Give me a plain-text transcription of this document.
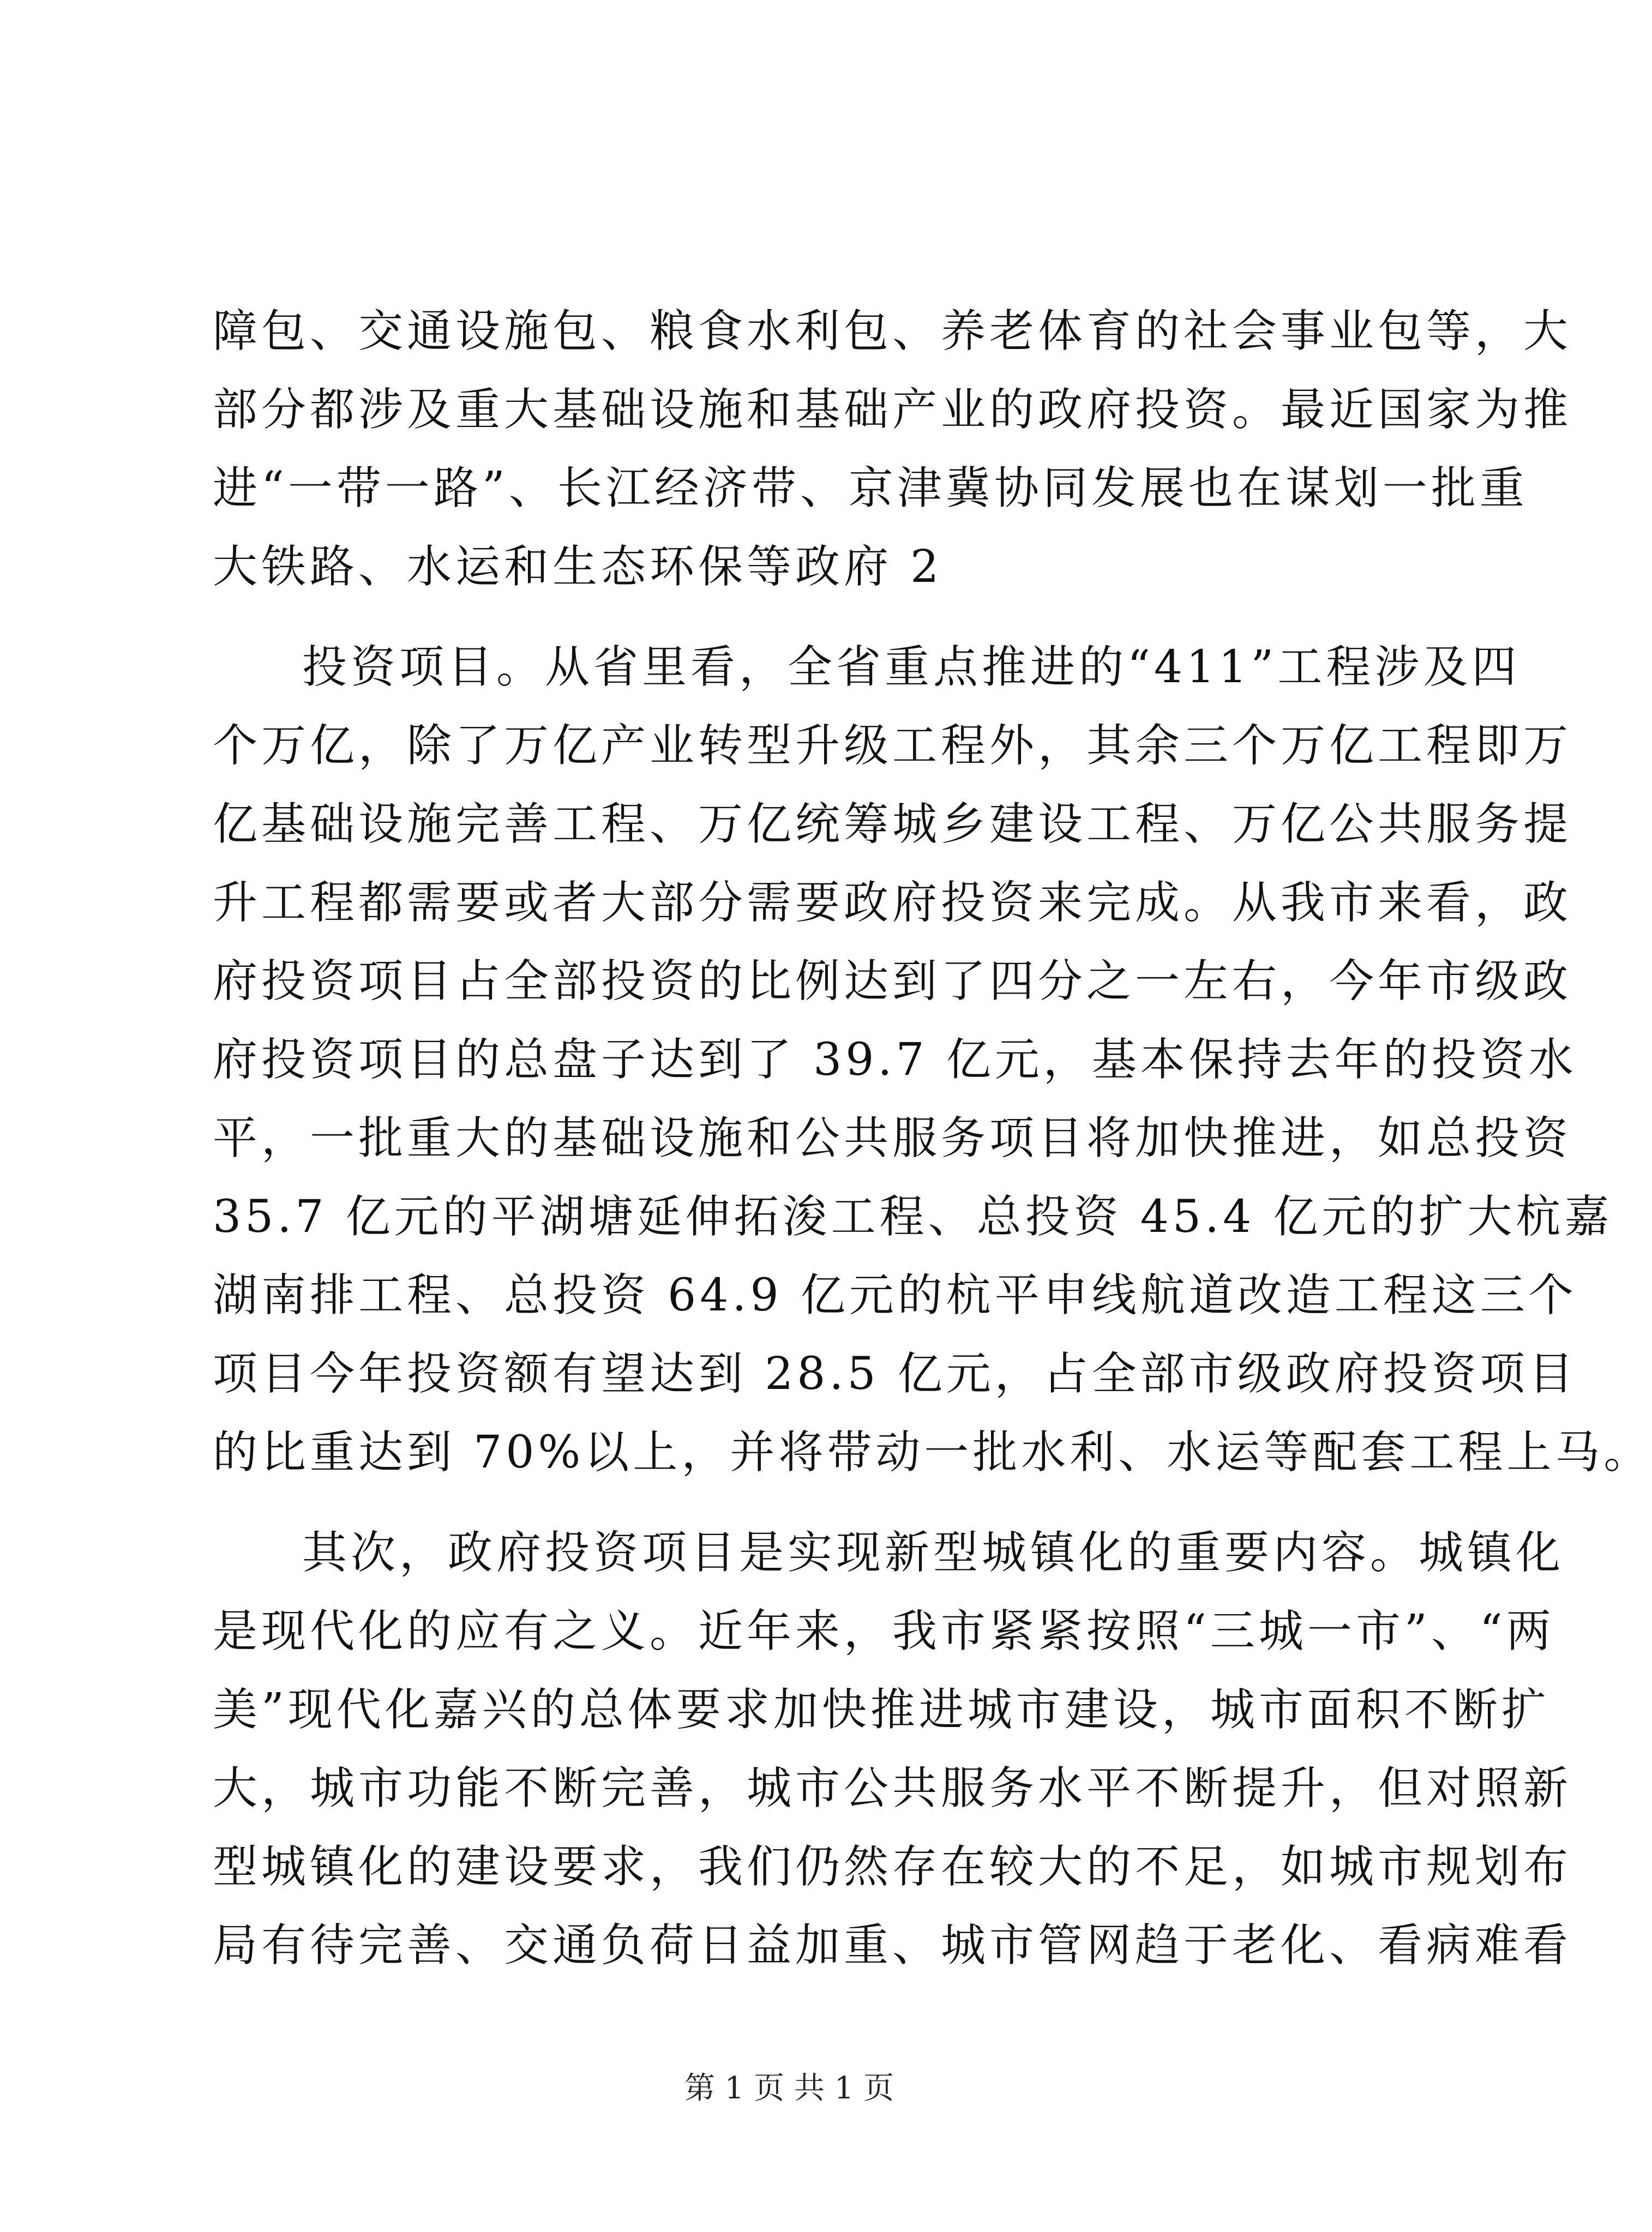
障包、交通设施包、粮食水利包、养老体育的社会事业包等，大
部分都涉及重大基础设施和基础产业的政府投资。最近国家为推
进“一带一路”、长江经济带、京津冀协同发展也在谋划一批重
大铁路、水运和生态环保等政府 2
投资项目。从省里看，全省重点推进的“411”工程涉及四
个万亿，除了万亿产业转型升级工程外，其余三个万亿工程即万
亿基础设施完善工程、万亿统筹城乡建设工程、万亿公共服务提
升工程都需要或者大部分需要政府投资来完成。从我市来看，政
府投资项目占全部投资的比例达到了四分之一左右，今年市级政
府投资项目的总盘子达到了 39.7 亿元，基本保持去年的投资水
平，一批重大的基础设施和公共服务项目将加快推进，如总投资
35.7 亿元的平湖塘延伸拓浚工程、总投资 45.4 亿元的扩大杭嘉
湖南排工程、总投资 64.9 亿元的杭平申线航道改造工程这三个
项目今年投资额有望达到 28.5 亿元，占全部市级政府投资项目
的比重达到 70%以上，并将带动一批水利、水运等配套工程上马。
其次，政府投资项目是实现新型城镇化的重要内容。城镇化
是现代化的应有之义。近年来，我市紧紧按照“三城一市”、“两
美”现代化嘉兴的总体要求加快推进城市建设，城市面积不断扩
大，城市功能不断完善，城市公共服务水平不断提升，但对照新
型城镇化的建设要求，我们仍然存在较大的不足，如城市规划布
局有待完善、交通负荷日益加重、城市管网趋于老化、看病难看
第 1 页 共 1 页
